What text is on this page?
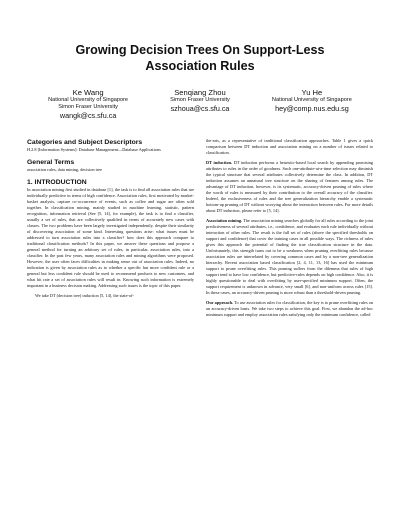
Growing Decision Trees On Support-Less Association Rules
Ke Wang
National University of Singapore
Simon Fraser University
wangk@cs.sfu.ca
Senqiang Zhou
Simon Fraser University
szhoua@cs.sfu.ca
Yu He
National University of Singapore
hey@comp.nus.edu.sg
Categories and Subject Descriptors

H.2.8 [Information Systems]: Database Management—Database Applications

General Terms

association rules, data mining, decision tree

1. INTRODUCTION

In association mining first studied in database [1], the task is to find all association rules that are individually predictive in terms of high confidence. Association rules, first motivated by market-basket analysis, capture co-occurrence of events, such as coffee and sugar are often sold together. In classification mining, mainly studied in machine learning, statistic, pattern recognition, information retrieval (See [5, 14], for example), the task is to find a classifier, usually a set of rules, that are collectively qualified in terms of accurately new cases with classes. The two problems have been largely investigated independently, despite their similarity of discovering association of some kind. Interesting questions arise: what issues must be addressed to turn association rules into a classifier? how does this approach compare to traditional classification methods? In this paper, we answer these questions and propose a general method for turning an arbitrary set of rules, in particular, association rules, into a classifier. In the past few years, many association rules and mining algorithms were proposed. However, the user often faces difficulties in making sense out of association rules. Indeed, no indication is given by association rules as to whether a specific but more confident rule or a general but less confident rule should be used to recommend products to new customers, and what hit rate a set of association rules will result in. Knowing such information is extremely important in a business decision making. Addressing such issues is the topic of this paper.

We take DT (decision tree) induction [5, 14], the state-of-

the-arts, as a representative of traditional classification approaches. Table 1 gives a quick comparison between DT induction and association mining on a number of issues related to classification.

DT induction. DT induction performs a heuristic-based local search by appending promising attributes to rules in the order of goodness. Such one-attribute-at-a-time selection may diminish the typical structure that several attributes collectively determine the class. In addition, DT induction assumes an unnatural tree structure on the sharing of features among rules. The advantage of DT induction, however, is its systematic, accuracy-driven pruning of rules where the worth of rules is measured by their contribution to the overall accuracy of the classifier. Indeed, the exclusiveness of rules and the tree generalization hierarchy enable a systematic bottom-up pruning of DT without worrying about the interaction between rules. For more details about DT induction, please refer to [5, 14].

Association mining. The association mining searches globally for all rules according to the joint predictiveness of several attributes, i.e., confidence, and evaluates each rule individually without interaction of other rules. The result is the full set of rules (above the specified thresholds on support and confidence) that cover the training cases in all possible ways. The richness of rules gives this approach the potential of finding the true classification structure in the data. Unfortunately, this strength turns out to be a weakness when pruning overfitting rules because association rules are interrelated by covering common cases and by a non-tree generalization hierarchy. Recent association based classification [2, 4, 11, 13, 16] has used the minimum support to prune overfitting rules. This pruning suffers from the dilemma that rules of high support tend to have low confidence, but predictive-rules depends on high confidence. Also, it is highly questionable to deal with overfitting by user-specified minimum support. Often, the support requirement is unknown in advance, very small [6], and non-uniform across rules [15]. In these cases, an accuracy-driven pruning is more robust than a threshold-driven pruning.

Our approach. To use association rules for classification, the key is to prune overfitting rules on an accuracy-driven basis. We take two steps to achieve this goal. First, we abandon the ad-hoc minimum support and employ association rules satisfying only the minimum confidence, called
